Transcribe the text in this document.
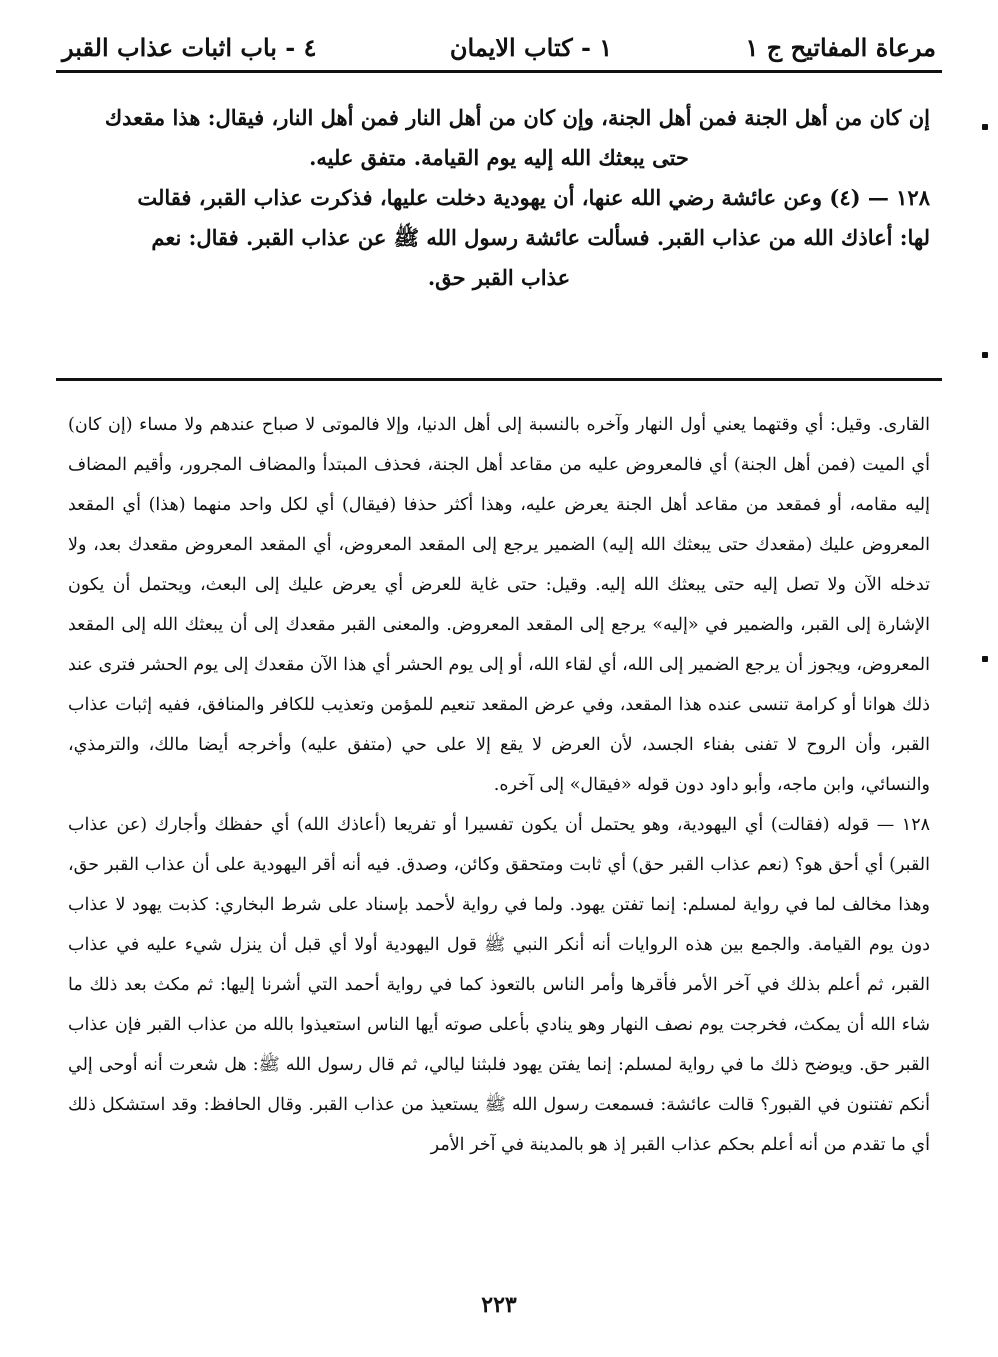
مرعاة المفاتيح ج ١
١ - كتاب الايمان
٤ - باب اثبات عذاب القبر

إن كان من أهل الجنة فمن أهل الجنة، وإن كان من أهل النار فمن أهل النار، فيقال: هذا مقعدك

حتى يبعثك الله إليه يوم القيامة. متفق عليه.

١٢٨ — (٤) وعن عائشة رضي الله عنها، أن يهودية دخلت عليها، فذكرت عذاب القبر، فقالت

لها: أعاذك الله من عذاب القبر. فسألت عائشة رسول الله ﷺ عن عذاب القبر. فقال: نعم

عذاب القبر حق.

القارى. وقيل: أي وقتهما يعني أول النهار وآخره بالنسبة إلى أهل الدنيا، وإلا فالموتى لا صباح عندهم ولا مساء (إن كان) أي الميت (فمن أهل الجنة) أي فالمعروض عليه من مقاعد أهل الجنة، فحذف المبتدأ والمضاف المجرور، وأقيم المضاف إليه مقامه، أو فمقعد من مقاعد أهل الجنة يعرض عليه، وهذا أكثر حذفا (فيقال) أي لكل واحد منهما (هذا) أي المقعد المعروض عليك (مقعدك حتى يبعثك الله إليه) الضمير يرجع إلى المقعد المعروض، أي المقعد المعروض مقعدك بعد، ولا تدخله الآن ولا تصل إليه حتى يبعثك الله إليه. وقيل: حتى غاية للعرض أي يعرض عليك إلى البعث، ويحتمل أن يكون الإشارة إلى القبر، والضمير في «إليه» يرجع إلى المقعد المعروض. والمعنى القبر مقعدك إلى أن يبعثك الله إلى المقعد المعروض، ويجوز أن يرجع الضمير إلى الله، أي لقاء الله، أو إلى يوم الحشر أي هذا الآن مقعدك إلى يوم الحشر فترى عند ذلك هوانا أو كرامة تنسى عنده هذا المقعد، وفي عرض المقعد تنعيم للمؤمن وتعذيب للكافر والمنافق، ففيه إثبات عذاب القبر، وأن الروح لا تفنى بفناء الجسد، لأن العرض لا يقع إلا على حي (متفق عليه) وأخرجه أيضا مالك، والترمذي، والنسائي، وابن ماجه، وأبو داود دون قوله «فيقال» إلى آخره.

١٢٨ — قوله (فقالت) أي اليهودية، وهو يحتمل أن يكون تفسيرا أو تفريعا (أعاذك الله) أي حفظك وأجارك (عن عذاب القبر) أي أحق هو؟ (نعم عذاب القبر حق) أي ثابت ومتحقق وكائن، وصدق. فيه أنه أقر اليهودية على أن عذاب القبر حق، وهذا مخالف لما في رواية لمسلم: إنما تفتن يهود. ولما في رواية لأحمد بإسناد على شرط البخاري: كذبت يهود لا عذاب دون يوم القيامة. والجمع بين هذه الروايات أنه أنكر النبي ﷺ قول اليهودية أولا أي قبل أن ينزل شيء عليه في عذاب القبر، ثم أعلم بذلك في آخر الأمر فأقرها وأمر الناس بالتعوذ كما في رواية أحمد التي أشرنا إليها: ثم مكث بعد ذلك ما شاء الله أن يمكث، فخرجت يوم نصف النهار وهو ينادي بأعلى صوته أيها الناس استعيذوا بالله من عذاب القبر فإن عذاب القبر حق. ويوضح ذلك ما في رواية لمسلم: إنما يفتن يهود فلبثنا ليالي، ثم قال رسول الله ﷺ: هل شعرت أنه أوحى إلي أنكم تفتنون في القبور؟ قالت عائشة: فسمعت رسول الله ﷺ يستعيذ من عذاب القبر. وقال الحافظ: وقد استشكل ذلك أي ما تقدم من أنه أعلم بحكم عذاب القبر إذ هو بالمدينة في آخر الأمر

٢٢٣
